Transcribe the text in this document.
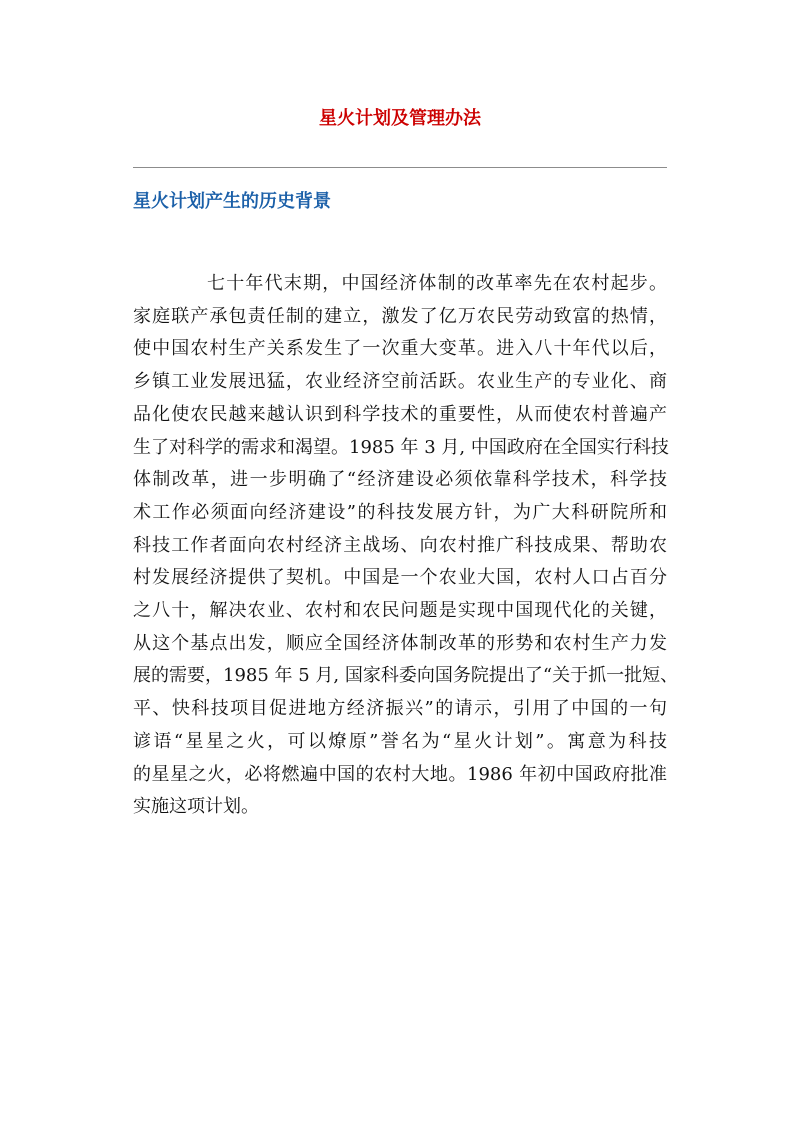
星火计划及管理办法
星火计划产生的历史背景
七十年代末期，中国经济体制的改革率先在农村起步。
家庭联产承包责任制的建立，激发了亿万农民劳动致富的热情，
使中国农村生产关系发生了一次重大变革。进入八十年代以后，
乡镇工业发展迅猛，农业经济空前活跃。农业生产的专业化、商
品化使农民越来越认识到科学技术的重要性，从而使农村普遍产
生了对科学的需求和渴望。1985 年 3 月, 中国政府在全国实行科技
体制改革，进一步明确了“经济建设必须依靠科学技术，科学技
术工作必须面向经济建设”的科技发展方针，为广大科研院所和
科技工作者面向农村经济主战场、向农村推广科技成果、帮助农
村发展经济提供了契机。中国是一个农业大国，农村人口占百分
之八十，解决农业、农村和农民问题是实现中国现代化的关键，
从这个基点出发，顺应全国经济体制改革的形势和农村生产力发
展的需要，1985 年 5 月, 国家科委向国务院提出了“关于抓一批短、
平、快科技项目促进地方经济振兴”的请示，引用了中国的一句
谚语“星星之火，可以燎原”誉名为“星火计划”。寓意为科技
的星星之火，必将燃遍中国的农村大地。1986 年初中国政府批准
实施这项计划。
